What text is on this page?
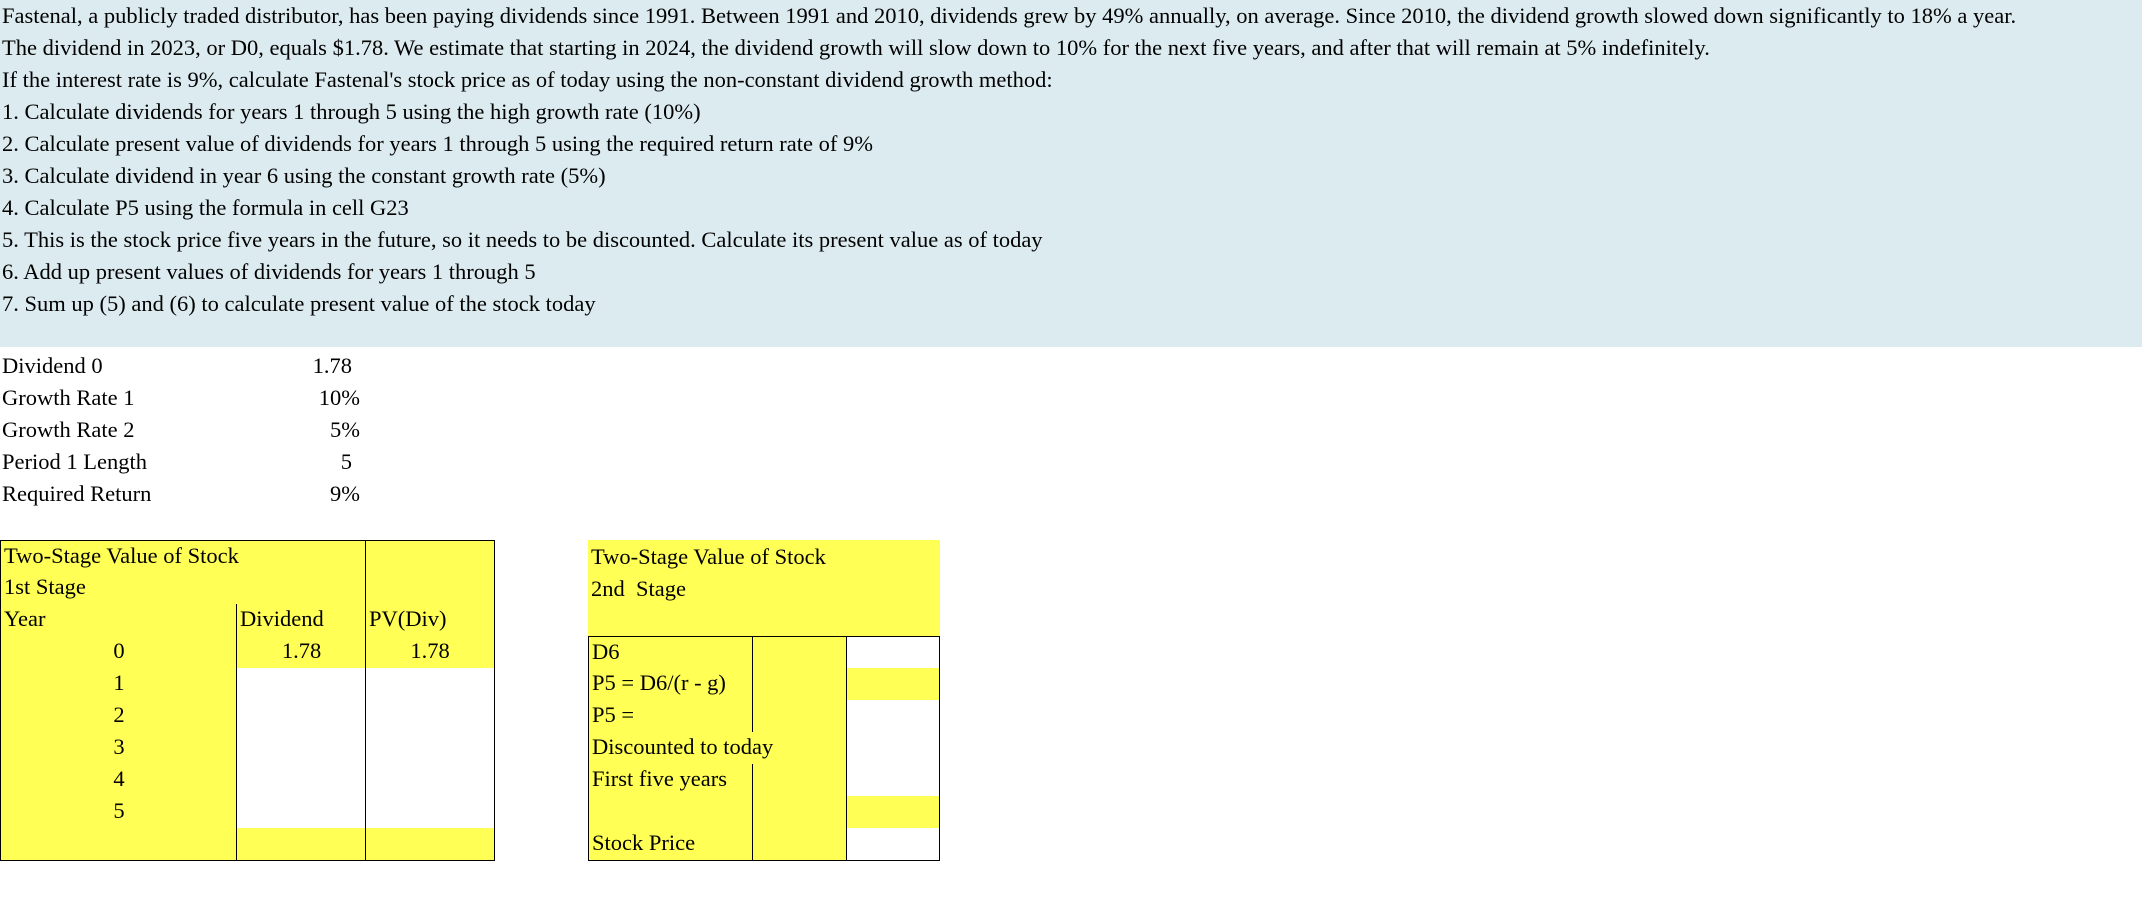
Fastenal, a publicly traded distributor, has been paying dividends since 1991. Between 1991 and 2010, dividends grew by 49% annually, on average. Since 2010, the dividend growth slowed down significantly to 18% a year.
The dividend in 2023, or D0, equals $1.78. We estimate that starting in 2024, the dividend growth will slow down to 10% for the next five years, and after that will remain at 5% indefinitely.
If the interest rate is 9%, calculate Fastenal's stock price as of today using the non-constant dividend growth method:
1. Calculate dividends for years 1 through 5 using the high growth rate (10%)
2. Calculate present value of dividends for years 1 through 5 using the required return rate of 9%
3. Calculate dividend in year 6 using the constant growth rate (5%)
4. Calculate P5 using the formula in cell G23
5. This is the stock price five years in the future, so it needs to be discounted. Calculate its present value as of today
6. Add up present values of dividends for years 1 through 5
7. Sum up (5) and (6) to calculate present value of the stock today
Dividend 0	1.78
Growth Rate 1	10%
Growth Rate 2	5%
Period 1 Length	5
Required Return	9%
Two-Stage Value of Stock
1st Stage
Year	Dividend	PV(Div)
0	1.78	1.78
1
2
3
4
5
Two-Stage Value of Stock
2nd  Stage
D6
P5 = D6/(r - g)
P5 =
Discounted to today
First five years
Stock Price
